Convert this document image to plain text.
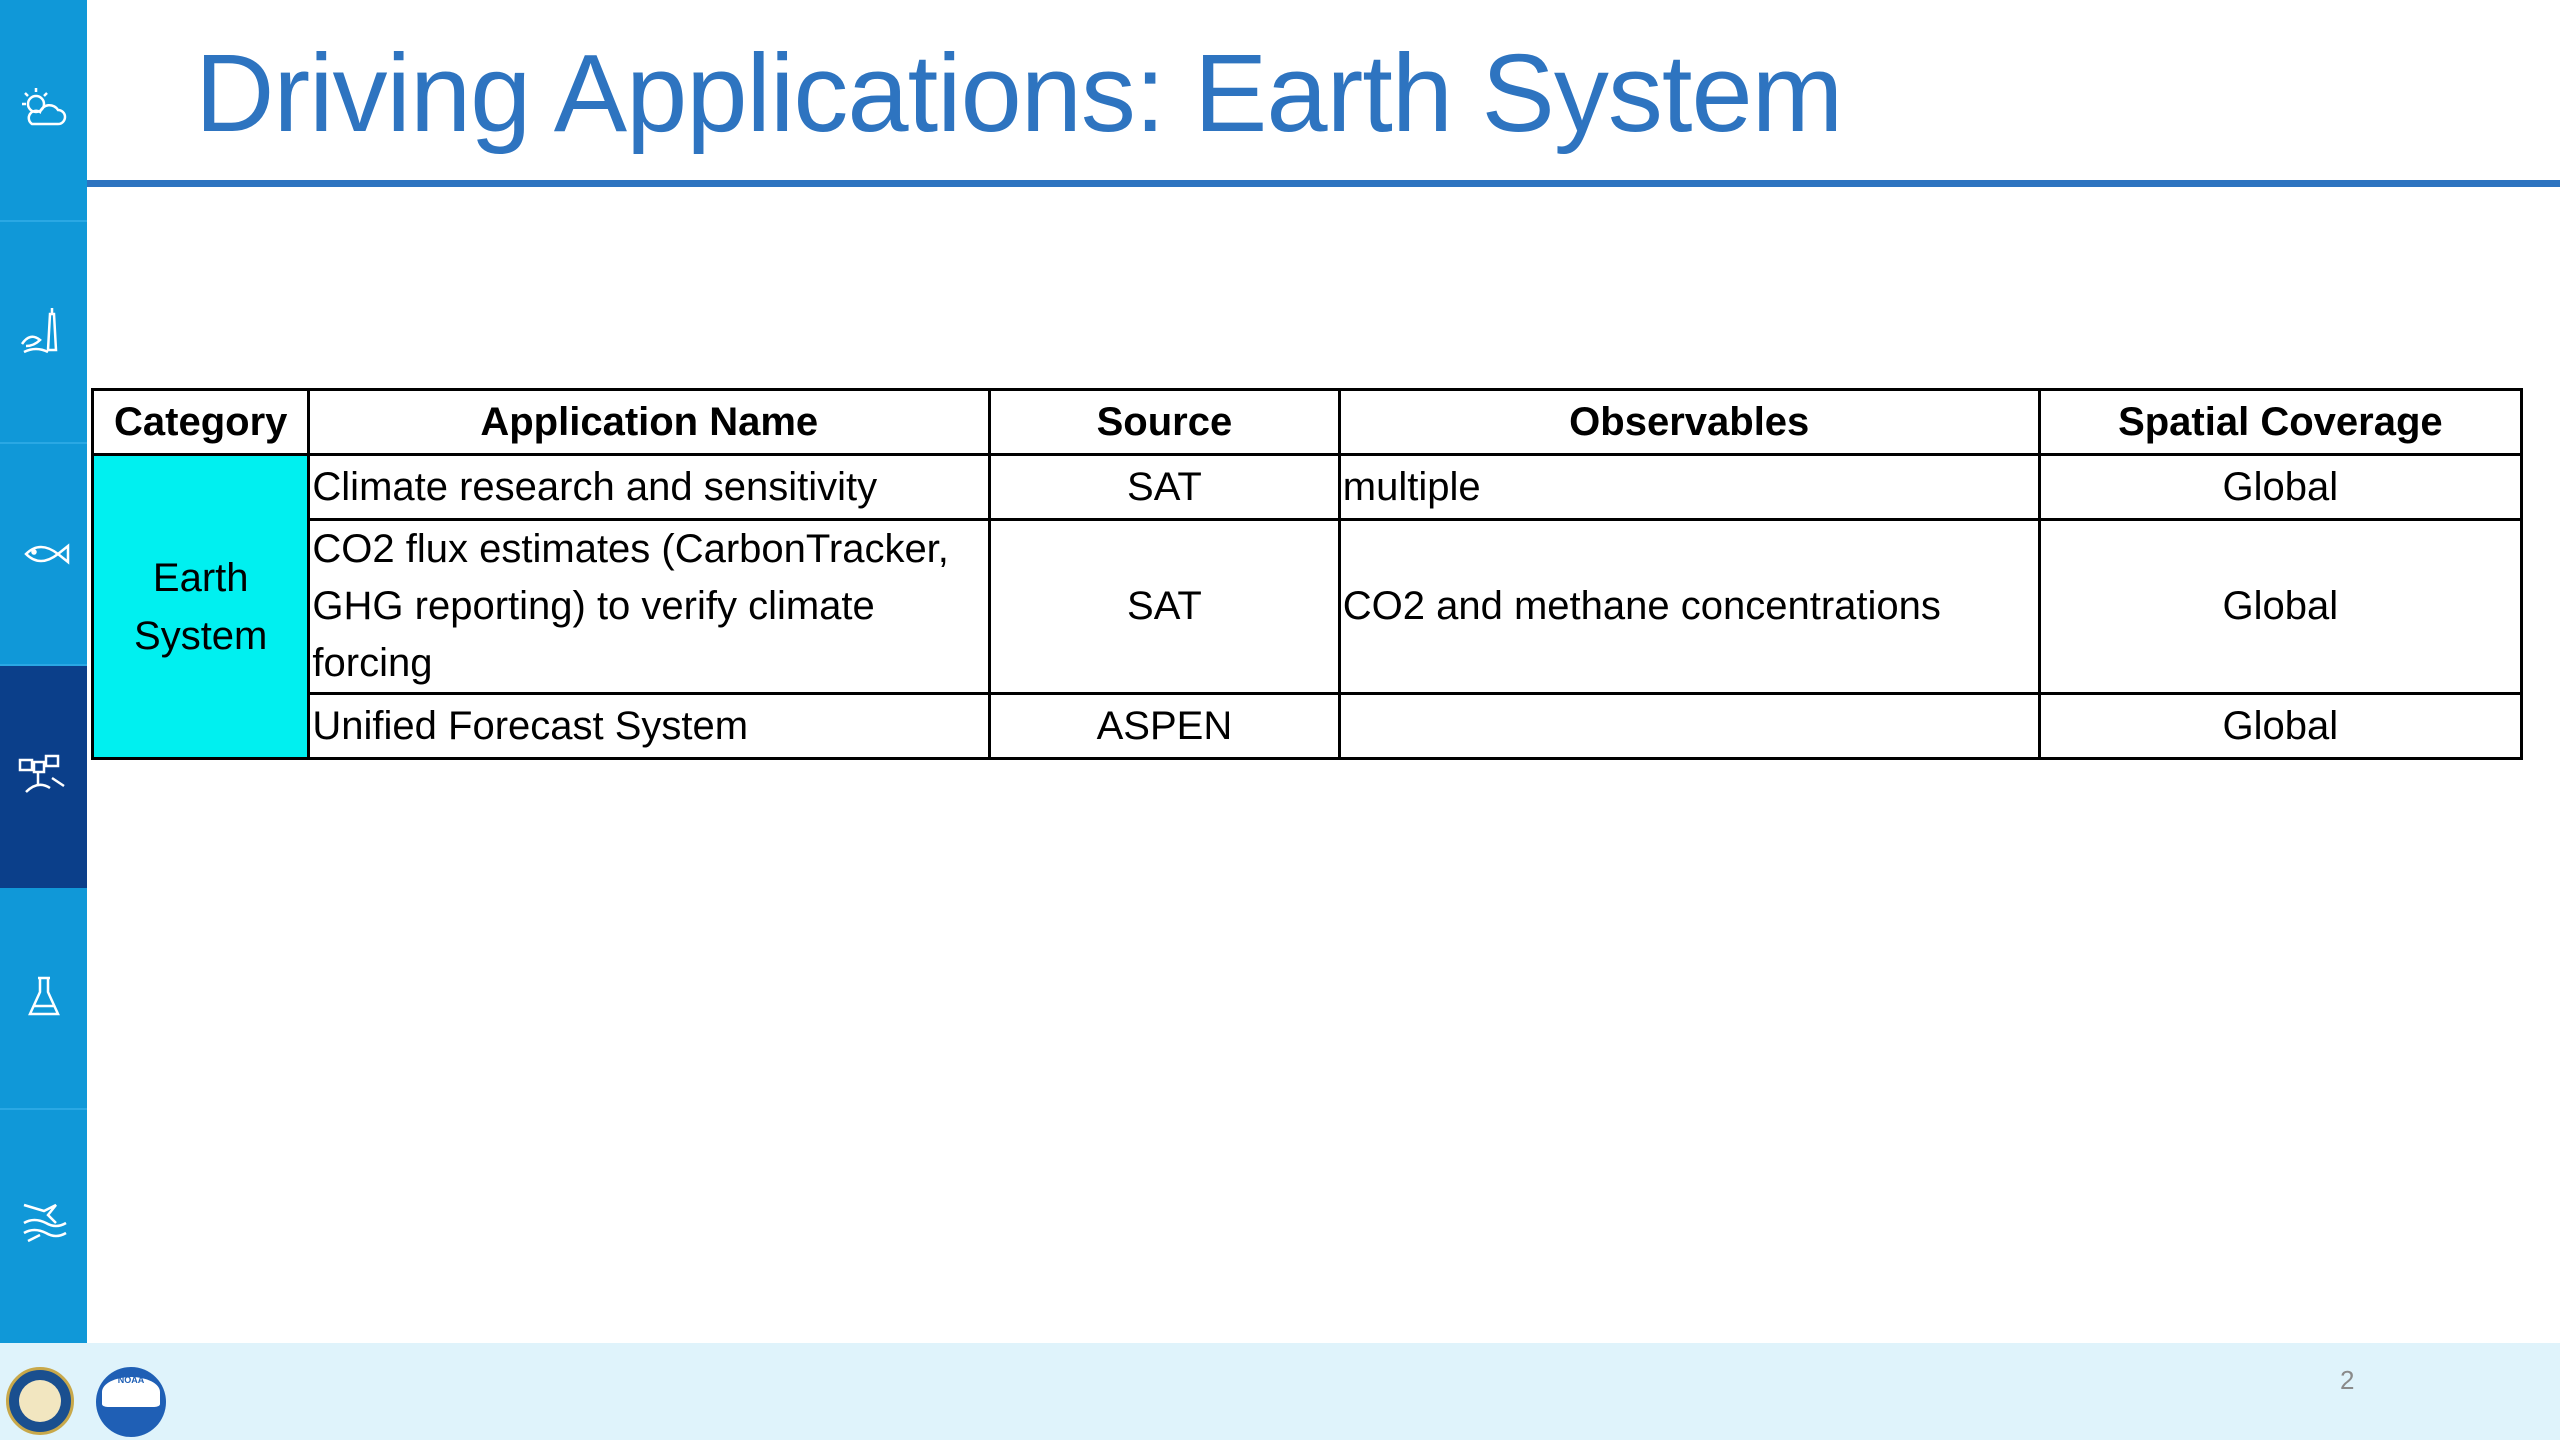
Driving Applications: Earth System
Category	Application Name	Source	Observables	Spatial Coverage
Earth System	Climate research and sensitivity	SAT	multiple	Global
	CO2 flux estimates (CarbonTracker, GHG reporting) to verify climate forcing	SAT	CO2 and methane concentrations	Global
	Unified Forecast System	ASPEN		Global
NOAA	2
